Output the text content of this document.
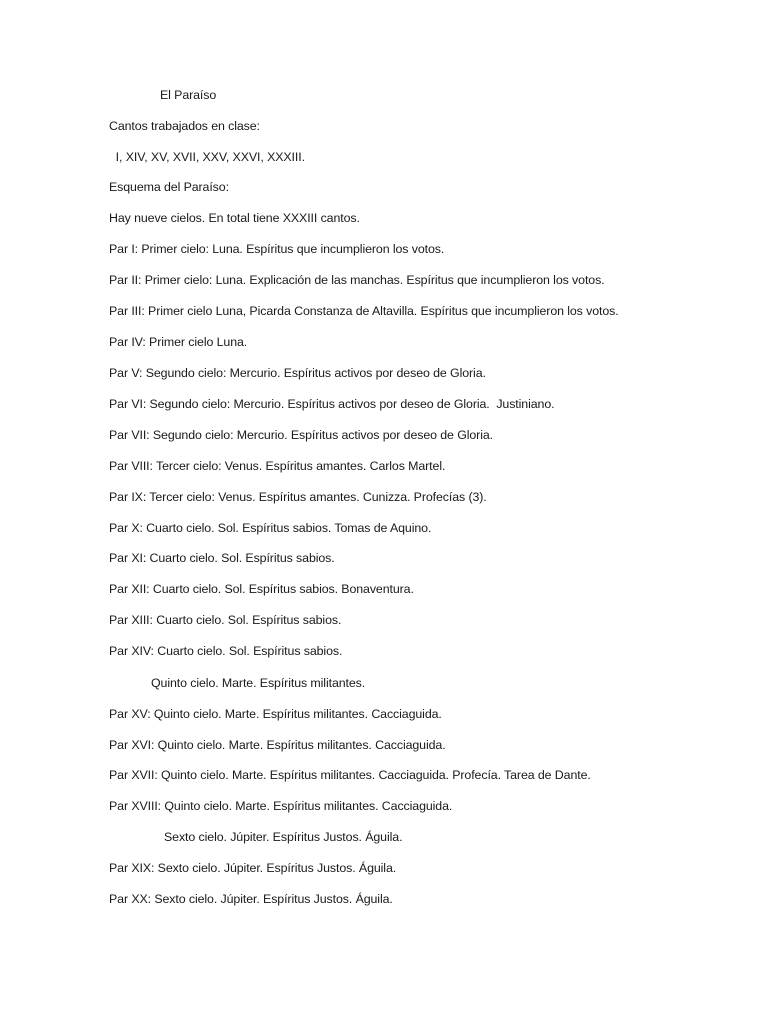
El Paraíso
Cantos trabajados en clase:
I, XIV, XV, XVII, XXV, XXVI, XXXIII.
Esquema del Paraíso:
Hay nueve cielos. En total tiene XXXIII cantos.
Par I: Primer cielo: Luna. Espíritus que incumplieron los votos.
Par II: Primer cielo: Luna. Explicación de las manchas. Espíritus que incumplieron los votos.
Par III: Primer cielo Luna, Picarda Constanza de Altavilla. Espíritus que incumplieron los votos.
Par IV: Primer cielo Luna.
Par V: Segundo cielo: Mercurio. Espíritus activos por deseo de Gloria.
Par VI: Segundo cielo: Mercurio. Espíritus activos por deseo de Gloria.  Justiniano.
Par VII: Segundo cielo: Mercurio. Espíritus activos por deseo de Gloria.
Par VIII: Tercer cielo: Venus. Espíritus amantes. Carlos Martel.
Par IX: Tercer cielo: Venus. Espíritus amantes. Cunizza. Profecías (3).
Par X: Cuarto cielo. Sol. Espíritus sabios. Tomas de Aquino.
Par XI: Cuarto cielo. Sol. Espíritus sabios.
Par XII: Cuarto cielo. Sol. Espíritus sabios. Bonaventura.
Par XIII: Cuarto cielo. Sol. Espíritus sabios.
Par XIV: Cuarto cielo. Sol. Espíritus sabios.
Quinto cielo. Marte. Espíritus militantes.
Par XV: Quinto cielo. Marte. Espíritus militantes. Cacciaguida.
Par XVI: Quinto cielo. Marte. Espíritus militantes. Cacciaguida.
Par XVII: Quinto cielo. Marte. Espíritus militantes. Cacciaguida. Profecía. Tarea de Dante.
Par XVIII: Quinto cielo. Marte. Espíritus militantes. Cacciaguida.
Sexto cielo. Júpiter. Espíritus Justos. Águila.
Par XIX: Sexto cielo. Júpiter. Espíritus Justos. Águila.
Par XX: Sexto cielo. Júpiter. Espíritus Justos. Águila.
